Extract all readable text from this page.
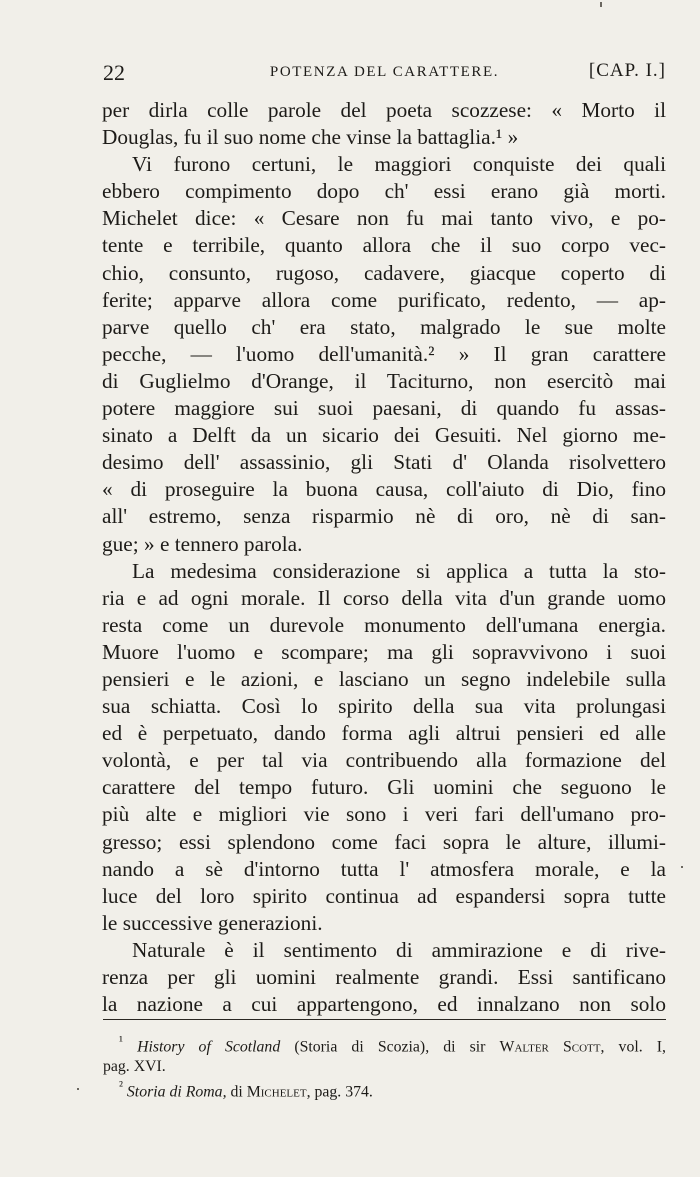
22	POTENZA DEL CARATTERE.	[CAP. I.]
per dirla colle parole del poeta scozzese: « Morto il
Douglas, fu il suo nome che vinse la battaglia.¹ »
Vi furono certuni, le maggiori conquiste dei quali
ebbero compimento dopo ch' essi erano già morti.
Michelet dice: « Cesare non fu mai tanto vivo, e po-
tente e terribile, quanto allora che il suo corpo vec-
chio, consunto, rugoso, cadavere, giacque coperto di
ferite; apparve allora come purificato, redento, — ap-
parve quello ch' era stato, malgrado le sue molte
pecche, — l'uomo dell'umanità.² » Il gran carattere
di Guglielmo d'Orange, il Taciturno, non esercitò mai
potere maggiore sui suoi paesani, di quando fu assas-
sinato a Delft da un sicario dei Gesuiti. Nel giorno me-
desimo dell' assassinio, gli Stati d' Olanda risolvettero
« di proseguire la buona causa, coll'aiuto di Dio, fino
all' estremo, senza risparmio nè di oro, nè di san-
gue; » e tennero parola.
La medesima considerazione si applica a tutta la sto-
ria e ad ogni morale. Il corso della vita d'un grande uomo
resta come un durevole monumento dell'umana energia.
Muore l'uomo e scompare; ma gli sopravvivono i suoi
pensieri e le azioni, e lasciano un segno indelebile sulla
sua schiatta. Così lo spirito della sua vita prolungasi
ed è perpetuato, dando forma agli altrui pensieri ed alle
volontà, e per tal via contribuendo alla formazione del
carattere del tempo futuro. Gli uomini che seguono le
più alte e migliori vie sono i veri fari dell'umano pro-
gresso; essi splendono come faci sopra le alture, illumi-
nando a sè d'intorno tutta l' atmosfera morale, e la
luce del loro spirito continua ad espandersi sopra tutte
le successive generazioni.
Naturale è il sentimento di ammirazione e di rive-
renza per gli uomini realmente grandi. Essi santificano
la nazione a cui appartengono, ed innalzano non solo
$^{^1}$ History of Scotland (Storia di Scozia), di sir Walter Scott, vol. I,
pag. XVI.
$^{^2}$ Storia di Roma, di Michelet, pag. 374.
